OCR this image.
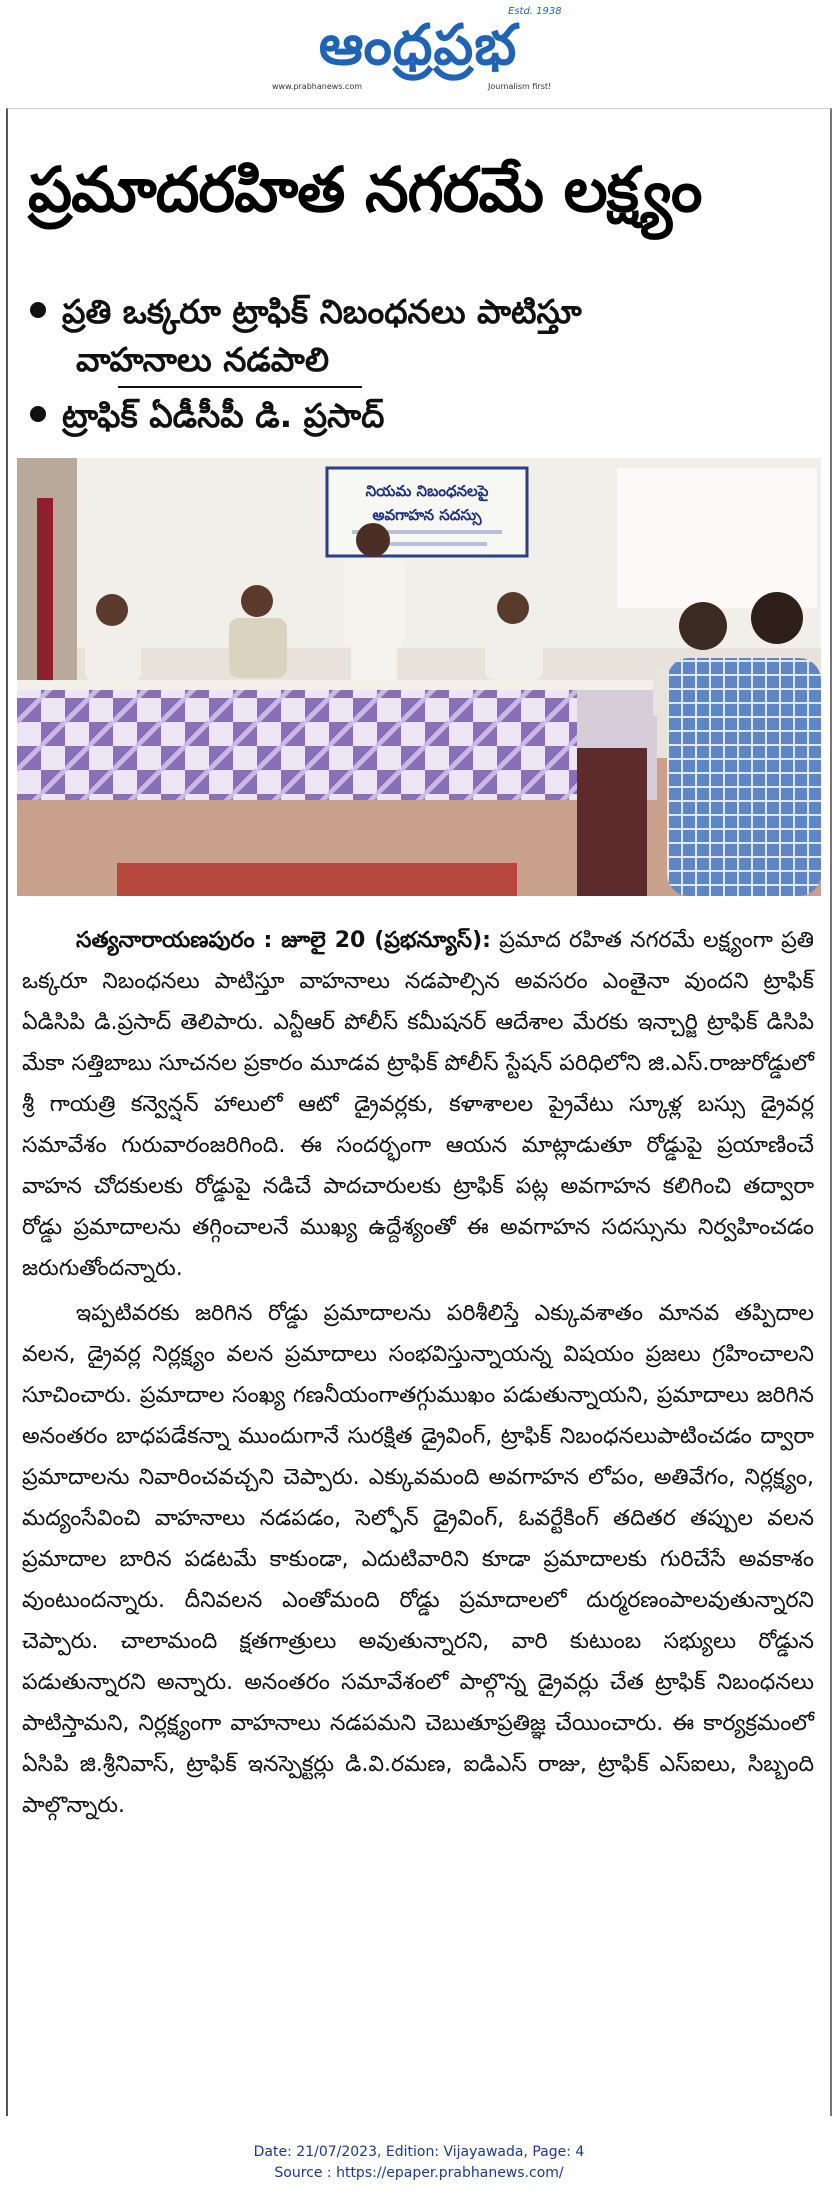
ఆంధ్రప్రభ
Estd. 1938
www.prabhanews.com	Journalism first!
ప్రమాదరహిత నగరమే లక్ష్యం
ప్రతి ఒక్కరూ ట్రాఫిక్ నిబంధనలు పాటిస్తూ
వాహనాలు నడపాలి
ట్రాఫిక్ ఏడీసీపీ డి. ప్రసాద్
నియమ నిబంధనలపై
అవగాహన సదస్సు

సత్యనారాయణపురం : జూలై 20 (ప్రభన్యూస్): ప్రమాద రహిత నగరమే లక్ష్యంగా ప్రతి ఒక్కరూ నిబంధనలు పాటిస్తూ వాహనాలు నడపాల్సిన అవసరం ఎంతైనా వుందని ట్రాఫిక్ ఏడిసిపి డి.ప్రసాద్ తెలిపారు. ఎన్టీఆర్ పోలీస్ కమీషనర్ ఆదేశాల మేరకు ఇన్చార్జి ట్రాఫిక్ డిసిపి మేకా సత్తిబాబు సూచనల ప్రకారం మూడవ ట్రాఫిక్ పోలీస్ స్టేషన్ పరిధిలోని జి.ఎస్.రాజురోడ్డులో శ్రీ గాయత్రి కన్వెన్షన్ హాలులో ఆటో డ్రైవర్లకు, కళాశాలల ప్రైవేటు స్కూళ్ల బస్సు డ్రైవర్ల సమావేశం గురువారంజరిగింది. ఈ సందర్భంగా ఆయన మాట్లాడుతూ రోడ్డుపై ప్రయాణించే వాహన చోదకులకు రోడ్డుపై నడిచే పాదచారులకు ట్రాఫిక్ పట్ల అవగాహన కలిగించి తద్వారా రోడ్డు ప్రమాదాలను తగ్గించాలనే ముఖ్య ఉద్దేశ్యంతో ఈ అవగాహన సదస్సును నిర్వహించడం జరుగుతోందన్నారు.

ఇప్పటివరకు జరిగిన రోడ్డు ప్రమాదాలను పరిశీలిస్తే ఎక్కువశాతం మానవ తప్పిదాల వలన, డ్రైవర్ల నిర్లక్ష్యం వలన ప్రమాదాలు సంభవిస్తున్నాయన్న విషయం ప్రజలు గ్రహించాలని సూచించారు. ప్రమాదాల సంఖ్య గణనీయంగాతగ్గుముఖం పడుతున్నాయని, ప్రమాదాలు జరిగిన అనంతరం బాధపడేకన్నా ముందుగానే సురక్షిత డ్రైవింగ్, ట్రాఫిక్ నిబంధనలుపాటించడం ద్వారా ప్రమాదాలను నివారించవచ్చని చెప్పారు. ఎక్కువమంది అవగాహన లోపం, అతివేగం, నిర్లక్ష్యం, మద్యంసేవించి వాహనాలు నడపడం, సెల్ఫోన్ డ్రైవింగ్, ఓవర్టేకింగ్ తదితర తప్పుల వలన ప్రమాదాల బారిన పడటమే కాకుండా, ఎదుటివారిని కూడా ప్రమాదాలకు గురిచేసే అవకాశం వుంటుందన్నారు. దీనివలన ఎంతోమంది రోడ్డు ప్రమాదాలలో దుర్మరణంపాలవుతున్నారని చెప్పారు. చాలామంది క్షతగాత్రులు అవుతున్నారని, వారి కుటుంబ సభ్యులు రోడ్డున పడుతున్నారని అన్నారు. అనంతరం సమావేశంలో పాల్గొన్న డ్రైవర్లు చేత ట్రాఫిక్ నిబంధనలు పాటిస్తామని, నిర్లక్ష్యంగా వాహనాలు నడపమని చెబుతూప్రతిజ్ఞ చేయించారు. ఈ కార్యక్రమంలో ఏసిపి జి.శ్రీనివాస్, ట్రాఫిక్ ఇనస్పెక్టర్లు డి.వి.రమణ, ఐడిఎస్ రాజు, ట్రాఫిక్ ఎస్ఐలు, సిబ్బంది పాల్గొన్నారు.

Date: 21/07/2023, Edition: Vijayawada, Page: 4
Source : https://epaper.prabhanews.com/
